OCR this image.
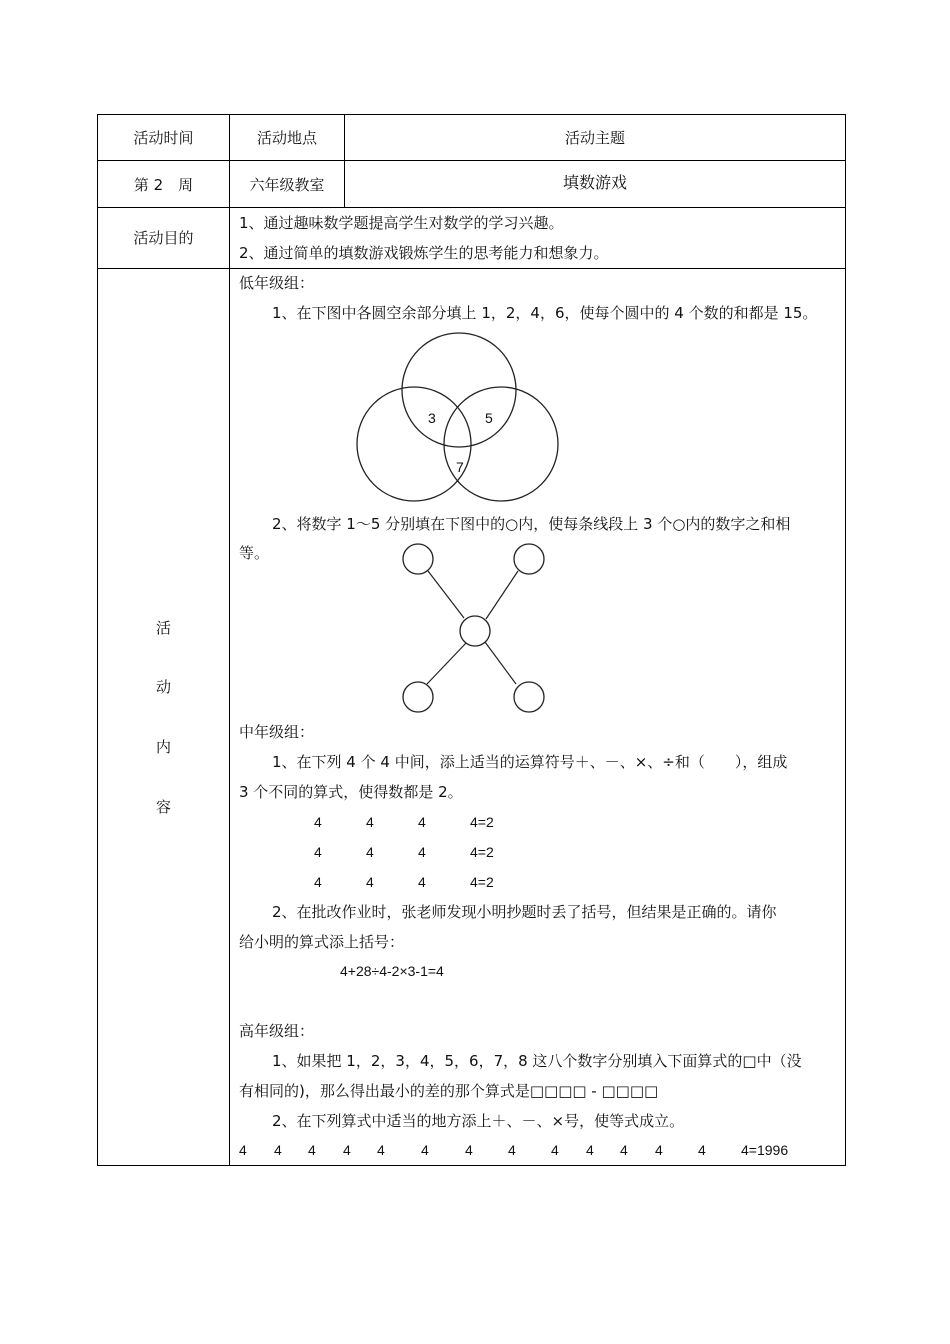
活动时间	活动地点	活动主题
第 2　周	六年级教室	填数游戏
活动目的
1、通过趣味数学题提高学生对数学的学习兴趣。
2、通过简单的填数游戏锻炼学生的思考能力和想象力。
活
动
内
容
低年级组：
1、在下图中各圆空余部分填上 1，2，4，6，使每个圆中的 4 个数的和都是 15。
3	5
7
2、将数字 1～5 分别填在下图中的○内，使每条线段上 3 个○内的数字之和相
等。
中年级组：
1、在下列 4 个 4 中间，添上适当的运算符号＋、－、×、÷和（　　），组成
3 个不同的算式，使得数都是 2。
4	4	4	4=2
4	4	4	4=2
4	4	4	4=2
2、在批改作业时，张老师发现小明抄题时丢了括号，但结果是正确的。请你
给小明的算式添上括号：
4+28÷4-2×3-1=4
高年级组：
1、如果把 1，2，3，4，5，6，7，8 这八个数字分别填入下面算式的□中（没
有相同的)，那么得出最小的差的那个算式是□□□□ - □□□□
2、在下列算式中适当的地方添上＋、－、×号，使等式成立。
4 4 4 4 4	4	4	4	4 4 4 4	4	4=1996
